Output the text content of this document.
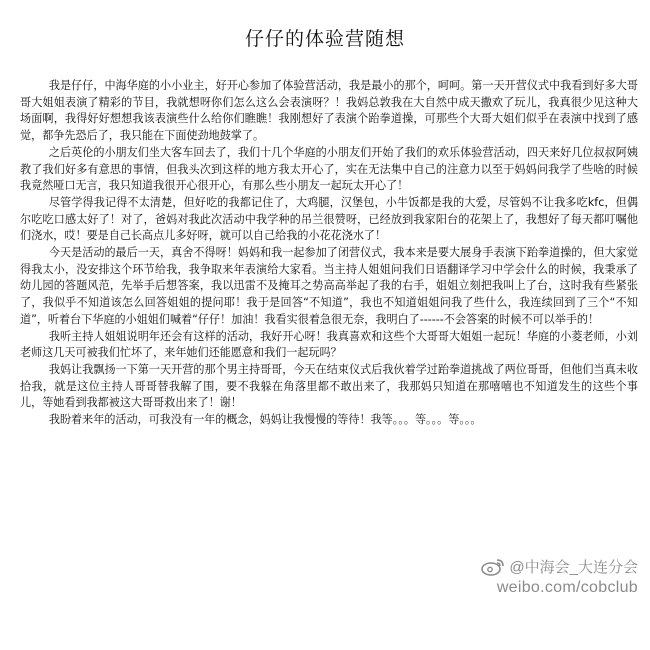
仔仔的体验营随想

我是仔仔，中海华庭的小小业主，好开心参加了体验营活动，我是最小的那个，呵呵。第一天开营仪式中我看到好多大哥哥大姐姐表演了精彩的节目，我就想呀你们怎么这么会表演呀？！我妈总敦我在大自然中成天撒欢了玩儿，我真很少见这种大场面啊，我得好好想想我该表演些什么给你们瞧瞧！我刚想好了表演个跆拳道操，可那些个大哥大姐们似乎在表演中找到了感觉，都争先恐后了，我只能在下面使劲地鼓掌了。

之后英伦的小朋友们坐大客车回去了，我们十几个华庭的小朋友们开始了我们的欢乐体验营活动，四天来好几位叔叔阿姨教了我们好多有意思的事情，但我头次到这样的地方我太开心了，实在无法集中自己的注意力以至于妈妈问我学了些啥的时候我竟然哑口无言，我只知道我很开心很开心，有那么些小朋友一起玩太开心了！

尽管学得我记得不太清楚，但好吃的我都记住了，大鸡腿，汉堡包，小牛饭都是我的大爱，尽管妈不让我多吃kfc，但偶尔吃吃口感太好了！对了，爸妈对我此次活动中我学种的吊兰很赞呀，已经放到我家阳台的花架上了，我想好了每天都叮嘱他们浇水，哎！要是自己长高点儿多好呀，就可以自己给我的小花花浇水了！

今天是活动的最后一天，真舍不得呀！妈妈和我一起参加了闭营仪式，我本来是要大展身手表演下跆拳道操的，但大家觉得我太小，没安排这个环节给我，我争取来年表演给大家看。当主持人姐姐问我们日语翻译学习中学会什么的时候，我秉承了幼儿园的答题风范，先举手后想答案，我以迅雷不及掩耳之势高高举起了我的右手，姐姐立刻把我叫上了台，这时我有些紧张了，我似乎不知道该怎么回答姐姐的提问耶！我于是回答“不知道”，我也不知道姐姐问我了些什么，我连续回到了三个“不知道”，听着台下华庭的小姐姐们喊着“仔仔！加油！我看实很着急很无奈，我明白了------不会答案的时候不可以举手的！

我听主持人姐姐说明年还会有这样的活动，我好开心呀！我真喜欢和这些个大哥哥大姐姐一起玩！华庭的小菱老师，小刘老师这几天可被我们忙坏了，来年她们还能愿意和我们一起玩吗？

我妈让我飘扬一下第一天开营的那个男主持哥哥，今天在结束仪式后我伙着学过跆拳道挑战了两位哥哥，但他们当真未收拾我，就是这位主持人哥哥替我解了围，要不我躲在角落里都不敢出来了，我那妈只知道在那嘻嘻也不知道发生的这些个事儿，等她看到我都被这大哥哥救出来了！谢！

我盼着来年的活动，可我没有一年的概念，妈妈让我慢慢的等待！我等。。。等。。。等。。。

@中海会_大连分会
weibo.com/cobclub
